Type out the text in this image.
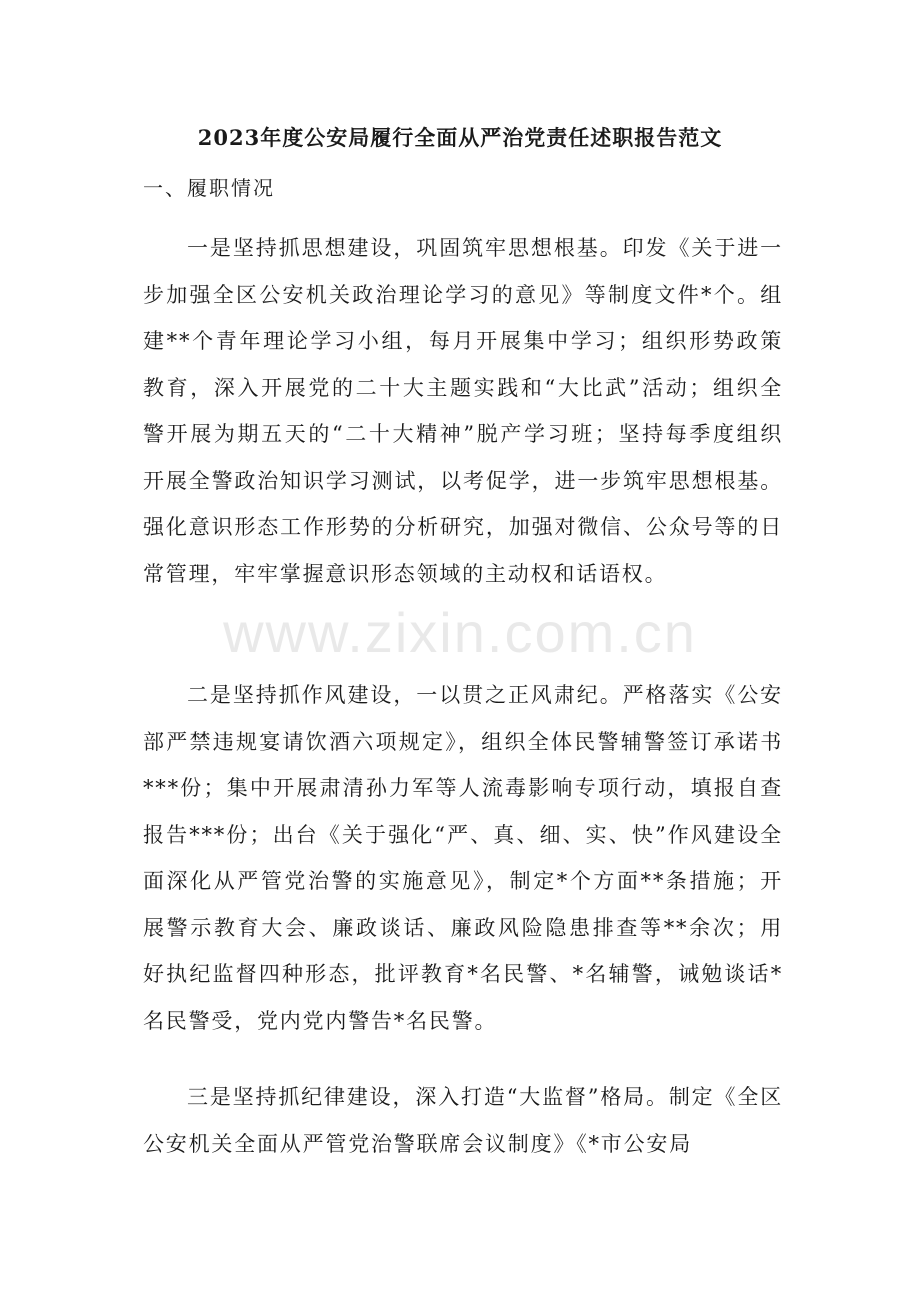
2023年度公安局履行全面从严治党责任述职报告范文
一、履职情况

一是坚持抓思想建设，巩固筑牢思想根基。印发《关于进一步加强全区公安机关政治理论学习的意见》等制度文件*个。组建**个青年理论学习小组，每月开展集中学习；组织形势政策教育，深入开展党的二十大主题实践和“大比武”活动；组织全警开展为期五天的“二十大精神”脱产学习班；坚持每季度组织开展全警政治知识学习测试，以考促学，进一步筑牢思想根基。强化意识形态工作形势的分析研究，加强对微信、公众号等的日常管理，牢牢掌握意识形态领域的主动权和话语权。

二是坚持抓作风建设，一以贯之正风肃纪。严格落实《公安部严禁违规宴请饮酒六项规定》，组织全体民警辅警签订承诺书***份；集中开展肃清孙力军等人流毒影响专项行动，填报自查报告***份；出台《关于强化“严、真、细、实、快”作风建设全面深化从严管党治警的实施意见》，制定*个方面**条措施；开展警示教育大会、廉政谈话、廉政风险隐患排查等**余次；用好执纪监督四种形态，批评教育*名民警、*名辅警，诫勉谈话*名民警受，党内党内警告*名民警。

三是坚持抓纪律建设，深入打造“大监督”格局。制定《全区公安机关全面从严管党治警联席会议制度》《*市公安局

www.zixin.com.cn
